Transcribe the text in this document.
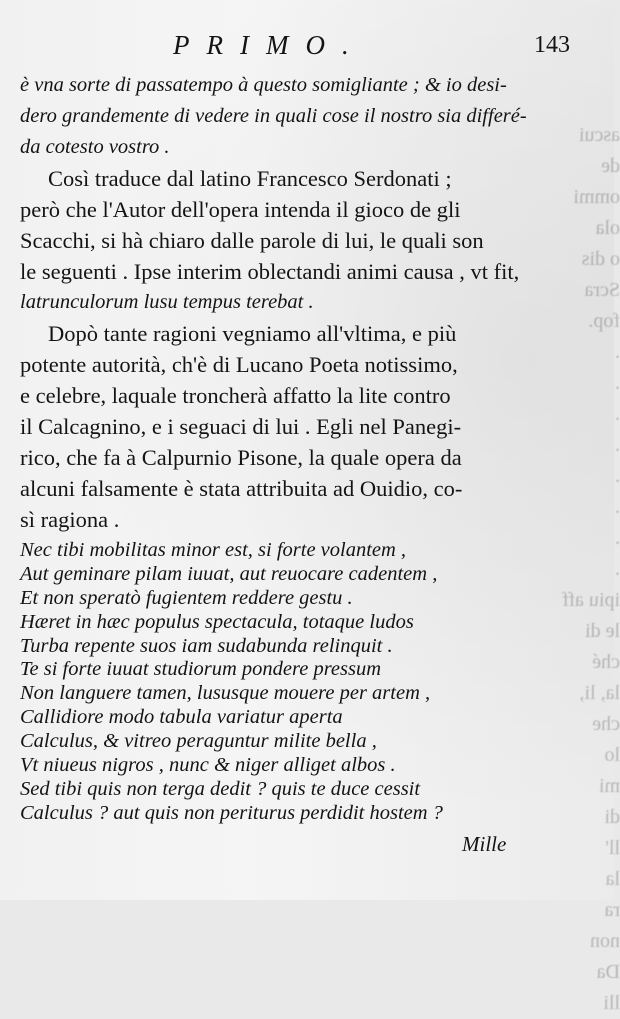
ascui
de
ommi
ola
o dis
Scra
fop.
.
.
.
.
.
.
.
.
ipiu aff
le di
ché
la, li,
che
lo
mi
di
ll'
la
ra
non
Da
lli
PRIMO.	143
è vna sorte di passatempo à questo somigliante ; & io desi-
dero grandemente di vedere in quali cose il nostro sia differé-
da cotesto vostro .
Così traduce dal latino Francesco Serdonati ;
però che l'Autor dell'opera intenda il gioco de gli
Scacchi, si hà chiaro dalle parole di lui, le quali son
le seguenti . Ipse interim oblectandi animi causa , vt fit,
latrunculorum lusu tempus terebat .
Dopò tante ragioni vegniamo all'vltima, e più
potente autorità, ch'è di Lucano Poeta notissimo,
e celebre, laquale troncherà affatto la lite contro
il Calcagnino, e i seguaci di lui . Egli nel Panegi-
rico, che fa à Calpurnio Pisone, la quale opera da
alcuni falsamente è stata attribuita ad Ouidio, co-
sì ragiona .
Nec tibi mobilitas minor est, si forte volantem ,
Aut geminare pilam iuuat, aut reuocare cadentem ,
Et non speratò fugientem reddere gestu .
Hæret in hæc populus spectacula, totaque ludos
Turba repente suos iam sudabunda relinquit .
Te si forte iuuat studiorum pondere pressum
Non languere tamen, lususque mouere per artem ,
Callidiore modo tabula variatur aperta
Calculus, & vitreo peraguntur milite bella ,
Vt niueus nigros , nunc & niger alliget albos .
Sed tibi quis non terga dedit ? quis te duce cessit
Calculus ? aut quis non periturus perdidit hostem ?
Mille
